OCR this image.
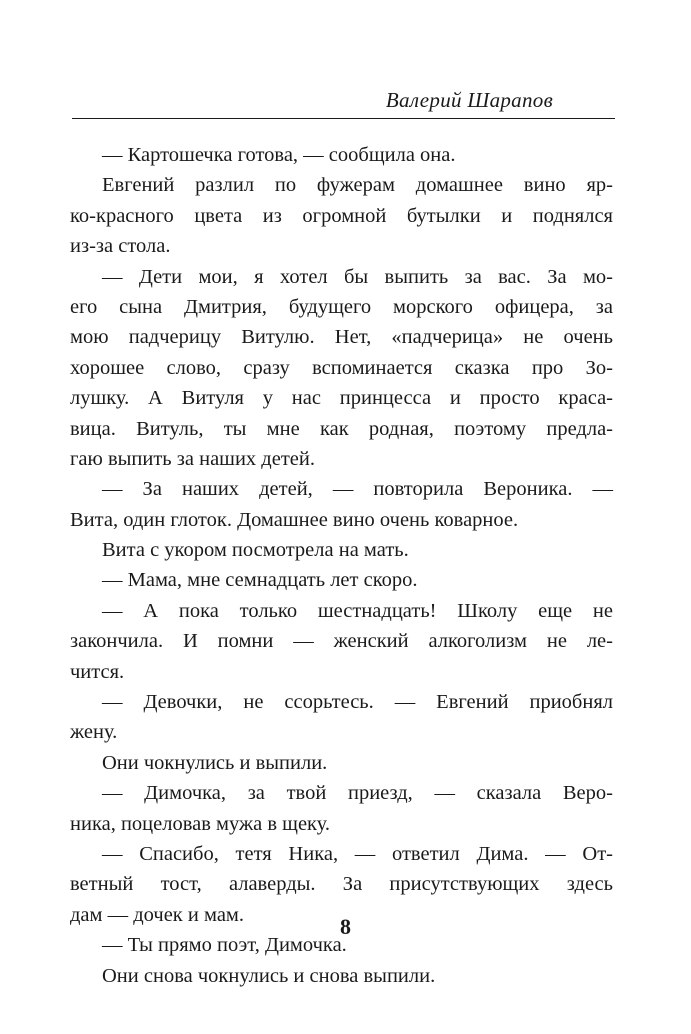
Валерий Шарапов
— Картошечка готова, — сообщила она.
Евгений разлил по фужерам домашнее вино яр-
ко-красного цвета из огромной бутылки и поднялся
из-за стола.
— Дети мои, я хотел бы выпить за вас. За мо-
его сына Дмитрия, будущего морского офицера, за
мою падчерицу Витулю. Нет, «падчерица» не очень
хорошее слово, сразу вспоминается сказка про Зо-
лушку. А Витуля у нас принцесса и просто краса-
вица. Витуль, ты мне как родная, поэтому предла-
гаю выпить за наших детей.
— За наших детей, — повторила Вероника. —
Вита, один глоток. Домашнее вино очень коварное.
Вита с укором посмотрела на мать.
— Мама, мне семнадцать лет скоро.
— А пока только шестнадцать! Школу еще не
закончила. И помни — женский алкоголизм не ле-
чится.
— Девочки, не ссорьтесь. — Евгений приобнял
жену.
Они чокнулись и выпили.
— Димочка, за твой приезд, — сказала Веро-
ника, поцеловав мужа в щеку.
— Спасибо, тетя Ника, — ответил Дима. — От-
ветный тост, алаверды. За присутствующих здесь
дам — дочек и мам.
— Ты прямо поэт, Димочка.
Они снова чокнулись и снова выпили.
8
